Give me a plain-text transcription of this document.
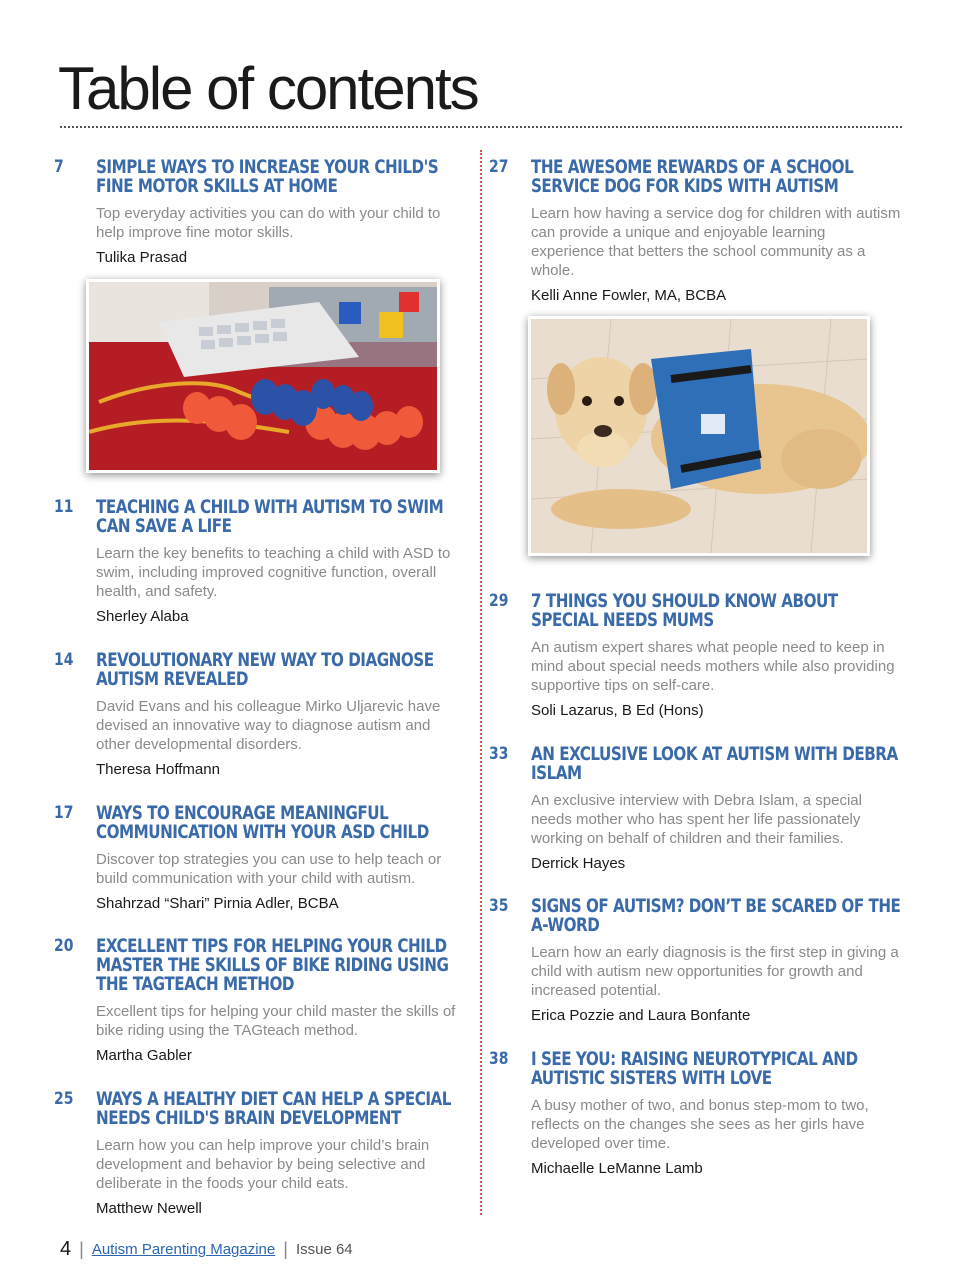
Table of contents
7	SIMPLE WAYS TO INCREASE YOUR CHILD'S FINE MOTOR SKILLS AT HOME

Top everyday activities you can do with your child to help improve fine motor skills.

Tulika Prasad

11	TEACHING A CHILD WITH AUTISM TO SWIM CAN SAVE A LIFE

Learn the key benefits to teaching a child with ASD to swim, including improved cognitive function, overall health, and safety.

Sherley Alaba

14	REVOLUTIONARY NEW WAY TO DIAGNOSE AUTISM REVEALED

David Evans and his colleague Mirko Uljarevic have devised an innovative way to diagnose autism and other developmental disorders.

Theresa Hoffmann

17	WAYS TO ENCOURAGE MEANINGFUL COMMUNICATION WITH YOUR ASD CHILD

Discover top strategies you can use to help teach or build communication with your child with autism.

Shahrzad “Shari” Pirnia Adler, BCBA

20	EXCELLENT TIPS FOR HELPING YOUR CHILD MASTER THE SKILLS OF BIKE RIDING USING THE TAGTEACH METHOD

Excellent tips for helping your child master the skills of bike riding using the TAGteach method.

Martha Gabler

25	WAYS A HEALTHY DIET CAN HELP A SPECIAL NEEDS CHILD'S BRAIN DEVELOPMENT

Learn how you can help improve your child’s brain development and behavior by being selective and deliberate in the foods your child eats.

Matthew Newell

27	THE AWESOME REWARDS OF A SCHOOL SERVICE DOG FOR KIDS WITH AUTISM

Learn how having a service dog for children with autism can provide a unique and enjoyable learning experience that betters the school community as a whole.

Kelli Anne Fowler, MA, BCBA

29	7 THINGS YOU SHOULD KNOW ABOUT SPECIAL NEEDS MUMS

An autism expert shares what people need to keep in mind about special needs mothers while also providing supportive tips on self-care.

Soli Lazarus, B Ed (Hons)

33	AN EXCLUSIVE LOOK AT AUTISM WITH DEBRA ISLAM

An exclusive interview with Debra Islam, a special needs mother who has spent her life passionately working on behalf of children and their families.

Derrick Hayes

35	SIGNS OF AUTISM? DON’T BE SCARED OF THE A-WORD

Learn how an early diagnosis is the first step in giving a child with autism new opportunities for growth and increased potential.

Erica Pozzie and Laura Bonfante

38	I SEE YOU: RAISING NEUROTYPICAL AND AUTISTIC SISTERS WITH LOVE

A busy mother of two, and bonus step-mom to two, reflects on the changes she sees as her girls have developed over time.

Michaelle LeManne Lamb

4 | Autism Parenting Magazine | Issue 64
